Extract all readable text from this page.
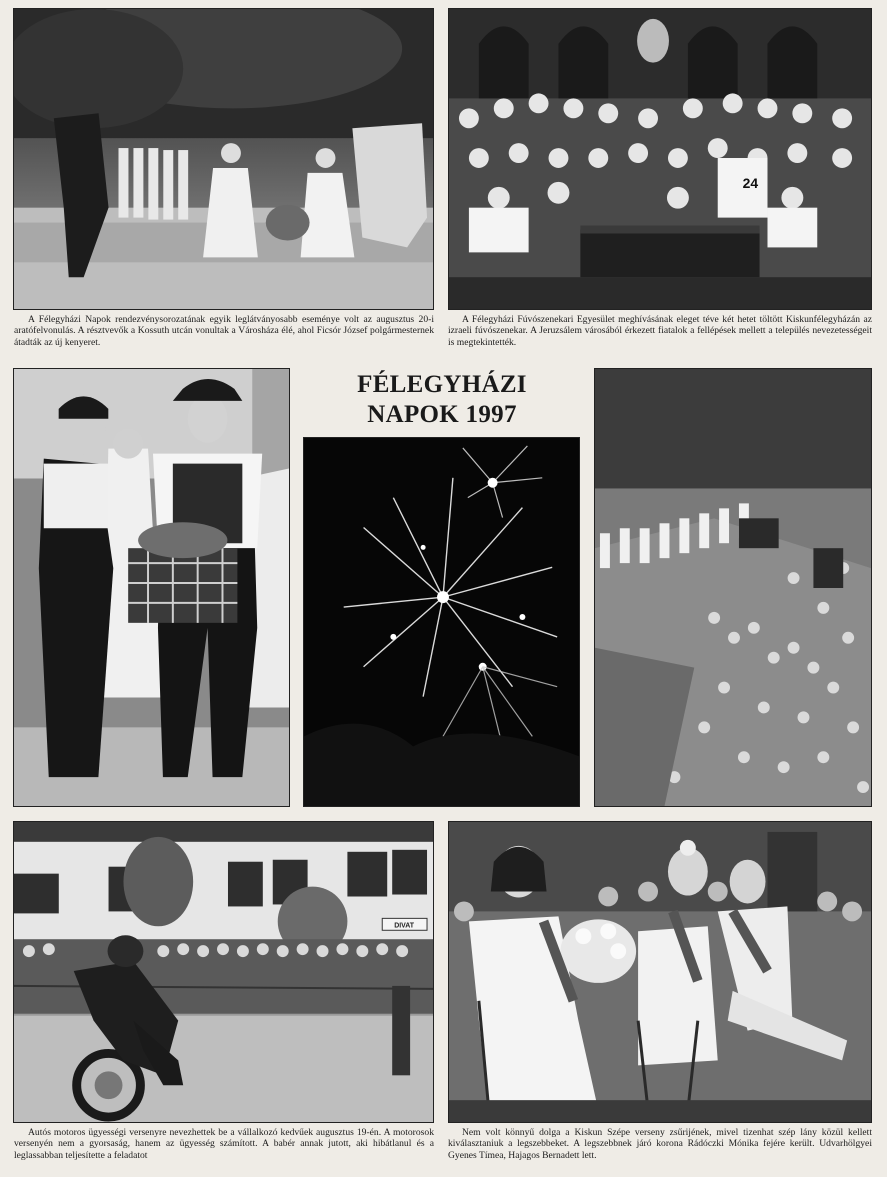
24

A Félegyházi Napok rendezvénysorozatának egyik leglátványosabb eseménye volt az augusztus 20-i aratófelvonulás. A résztvevők a Kossuth utcán vonultak a Városháza élé, ahol Ficsór József polgármesternek átadták az új kenyeret.

A Félegyházi Fúvószenekari Egyesület meghívásának eleget téve két hetet töltött Kiskunfélegyházán az izraeli fúvószenekar. A Jeruzsálem városából érkezett fiatalok a fellépések mellett a település nevezetességeit is megtekintették.

FÉLEGYHÁZI
NAPOK 1997
DIVAT

Autós motoros ügyességi versenyre nevezhettek be a vállalkozó kedvűek augusztus 19-én. A motorosok versenyén nem a gyorsaság, hanem az ügyesség számított. A babér annak jutott, aki hibátlanul és a leglassabban teljesítette a feladatot

Nem volt könnyű dolga a Kiskun Szépe verseny zsűrijének, mivel tizenhat szép lány közül kellett kiválasztaniuk a legszebbeket. A legszebbnek járó korona Rádóczki Mónika fejére került. Udvarhölgyei Gyenes Tímea, Hajagos Bernadett lett.
